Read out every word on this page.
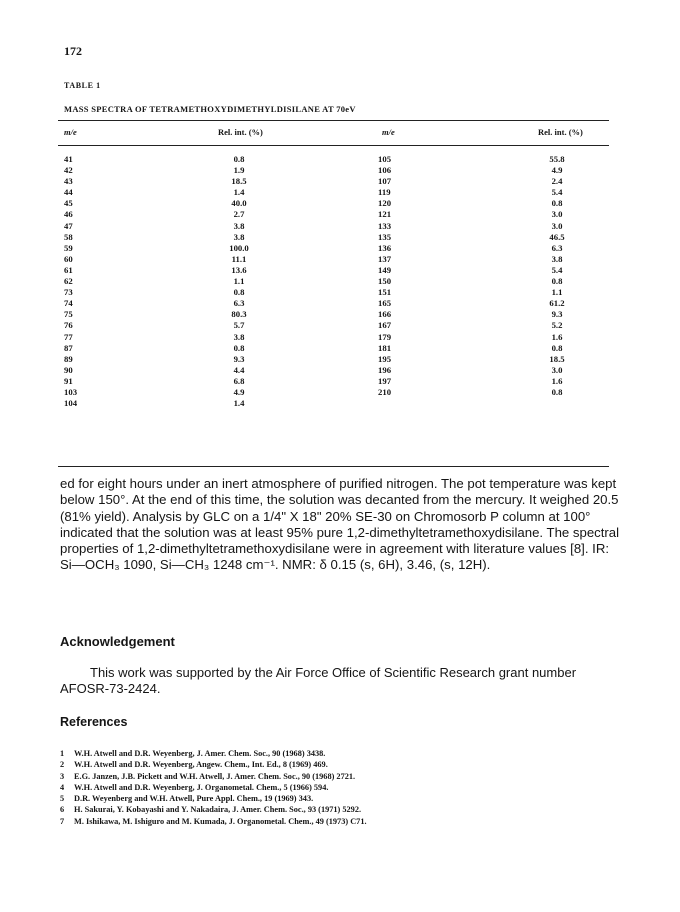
172
TABLE 1
MASS SPECTRA OF TETRAMETHOXYDIMETHYLDISILANE AT 70eV
m/e	Rel. int. (%)	m/e	Rel. int. (%)
41	0.8	105	55.8
42	1.9	106	4.9
43	18.5	107	2.4
44	1.4	119	5.4
45	40.0	120	0.8
46	2.7	121	3.0
47	3.8	133	3.0
58	3.8	135	46.5
59	100.0	136	6.3
60	11.1	137	3.8
61	13.6	149	5.4
62	1.1	150	0.8
73	0.8	151	1.1
74	6.3	165	61.2
75	80.3	166	9.3
76	5.7	167	5.2
77	3.8	179	1.6
87	0.8	181	0.8
89	9.3	195	18.5
90	4.4	196	3.0
91	6.8	197	1.6
103	4.9	210	0.8
104	1.4

ed for eight hours under an inert atmosphere of purified nitrogen. The pot temperature was kept below 150°. At the end of this time, the solution was decanted from the mercury. It weighed 20.5 (81% yield). Analysis by GLC on a 1/4" X 18" 20% SE-30 on Chromosorb P column at 100° indicated that the solution was at least 95% pure 1,2-dimethyltetramethoxydisilane. The spectral properties of 1,2-dimethyltetramethoxydisilane were in agreement with literature values [8]. IR: Si—OCH₃ 1090, Si—CH₃ 1248 cm⁻¹. NMR: δ 0.15 (s, 6H), 3.46, (s, 12H).

Acknowledgement
This work was supported by the Air Force Office of Scientific Research grant number AFOSR-73-2424.
References
1 W.H. Atwell and D.R. Weyenberg, J. Amer. Chem. Soc., 90 (1968) 3438.
2 W.H. Atwell and D.R. Weyenberg, Angew. Chem., Int. Ed., 8 (1969) 469.
3 E.G. Janzen, J.B. Pickett and W.H. Atwell, J. Amer. Chem. Soc., 90 (1968) 2721.
4 W.H. Atwell and D.R. Weyenberg, J. Organometal. Chem., 5 (1966) 594.
5 D.R. Weyenberg and W.H. Atwell, Pure Appl. Chem., 19 (1969) 343.
6 H. Sakurai, Y. Kobayashi and Y. Nakadaira, J. Amer. Chem. Soc., 93 (1971) 5292.
7 M. Ishikawa, M. Ishiguro and M. Kumada, J. Organometal. Chem., 49 (1973) C71.
